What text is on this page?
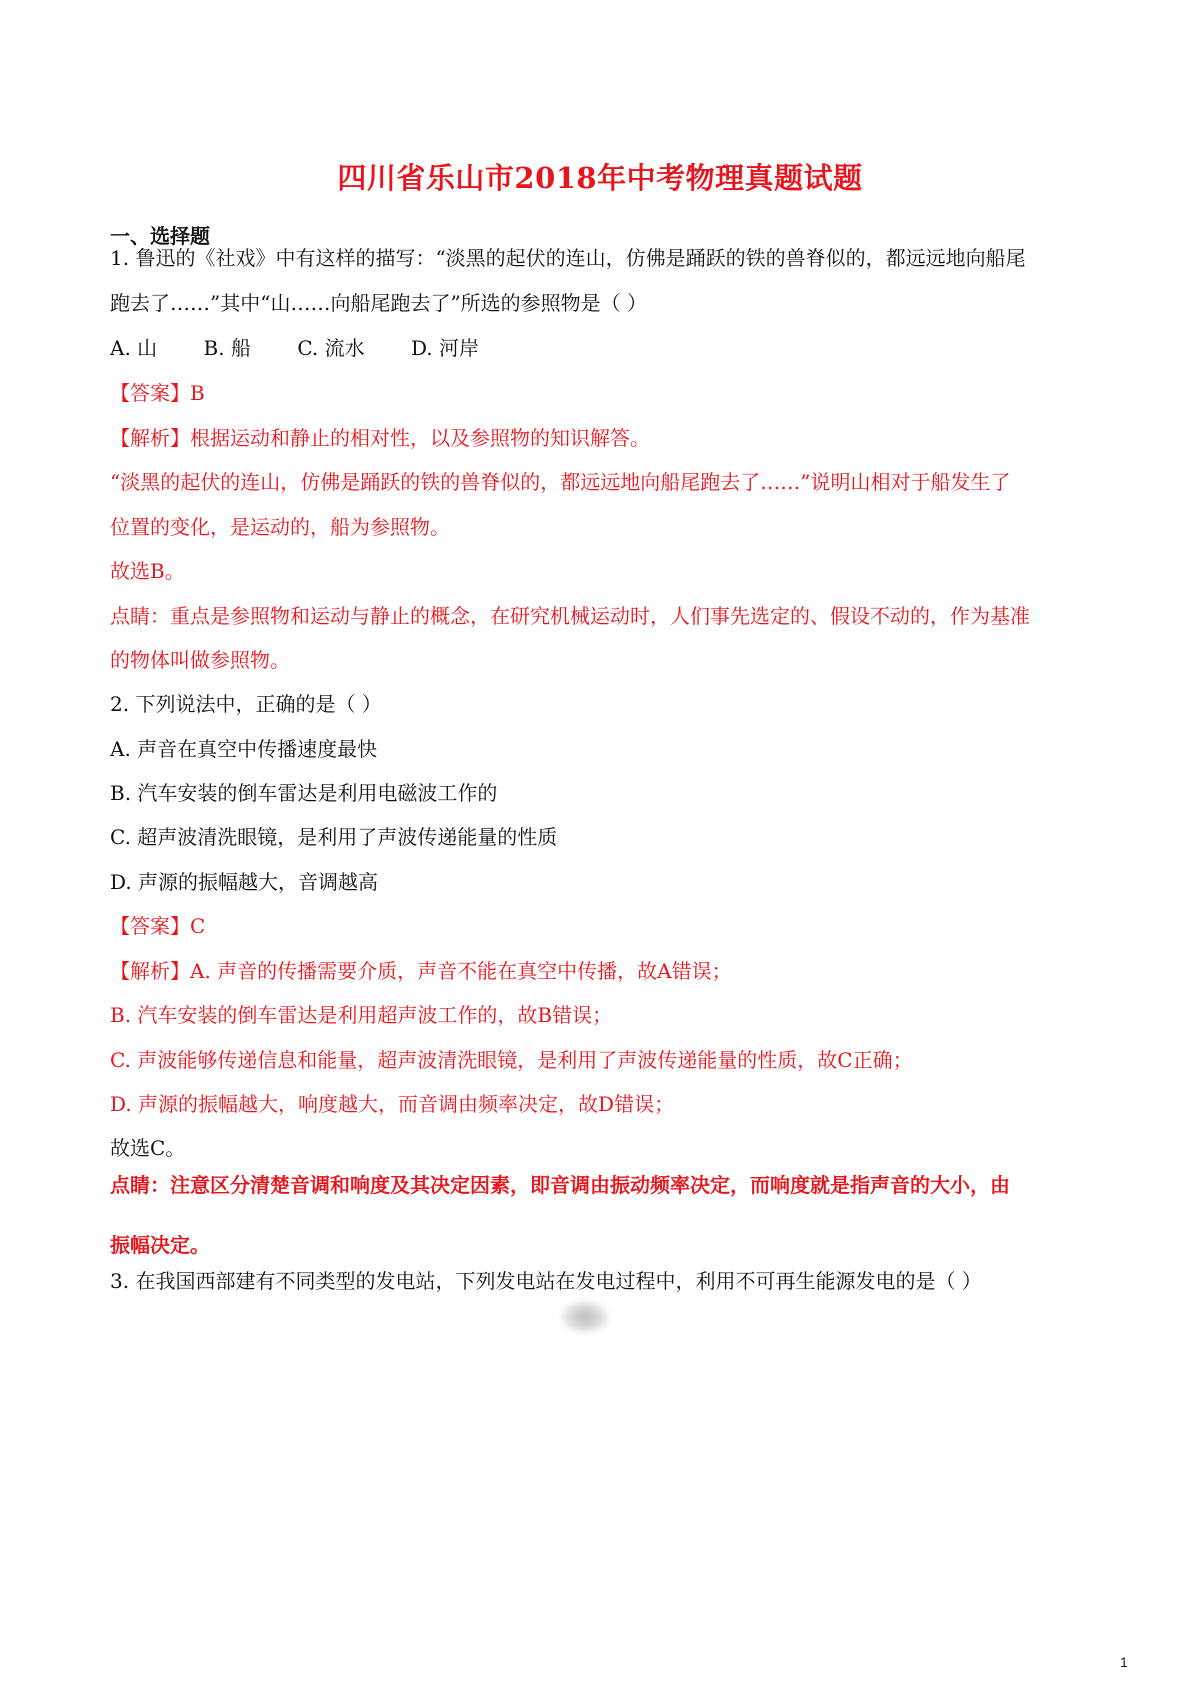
四川省乐山市2018年中考物理真题试题
一、选择题
1. 鲁迅的《社戏》中有这样的描写：“淡黑的起伏的连山，仿佛是踊跃的铁的兽脊似的，都远远地向船尾
跑去了……”其中“山……向船尾跑去了”所选的参照物是（ ）
A. 山 B. 船 C. 流水 D. 河岸
【答案】B
【解析】根据运动和静止的相对性，以及参照物的知识解答。
“淡黑的起伏的连山，仿佛是踊跃的铁的兽脊似的，都远远地向船尾跑去了……”说明山相对于船发生了
位置的变化，是运动的，船为参照物。
故选B。
点睛：重点是参照物和运动与静止的概念，在研究机械运动时，人们事先选定的、假设不动的，作为基准
的物体叫做参照物。
2. 下列说法中，正确的是（ ）
A. 声音在真空中传播速度最快
B. 汽车安装的倒车雷达是利用电磁波工作的
C. 超声波清洗眼镜，是利用了声波传递能量的性质
D. 声源的振幅越大，音调越高
【答案】C
【解析】A. 声音的传播需要介质，声音不能在真空中传播，故A错误；
B. 汽车安装的倒车雷达是利用超声波工作的，故B错误；
C. 声波能够传递信息和能量，超声波清洗眼镜，是利用了声波传递能量的性质，故C正确；
D. 声源的振幅越大，响度越大，而音调由频率决定，故D错误；
故选C。
点睛：注意区分清楚音调和响度及其决定因素，即音调由振动频率决定，而响度就是指声音的大小，由
振幅决定。
3. 在我国西部建有不同类型的发电站，下列发电站在发电过程中，利用不可再生能源发电的是（ ）
1
